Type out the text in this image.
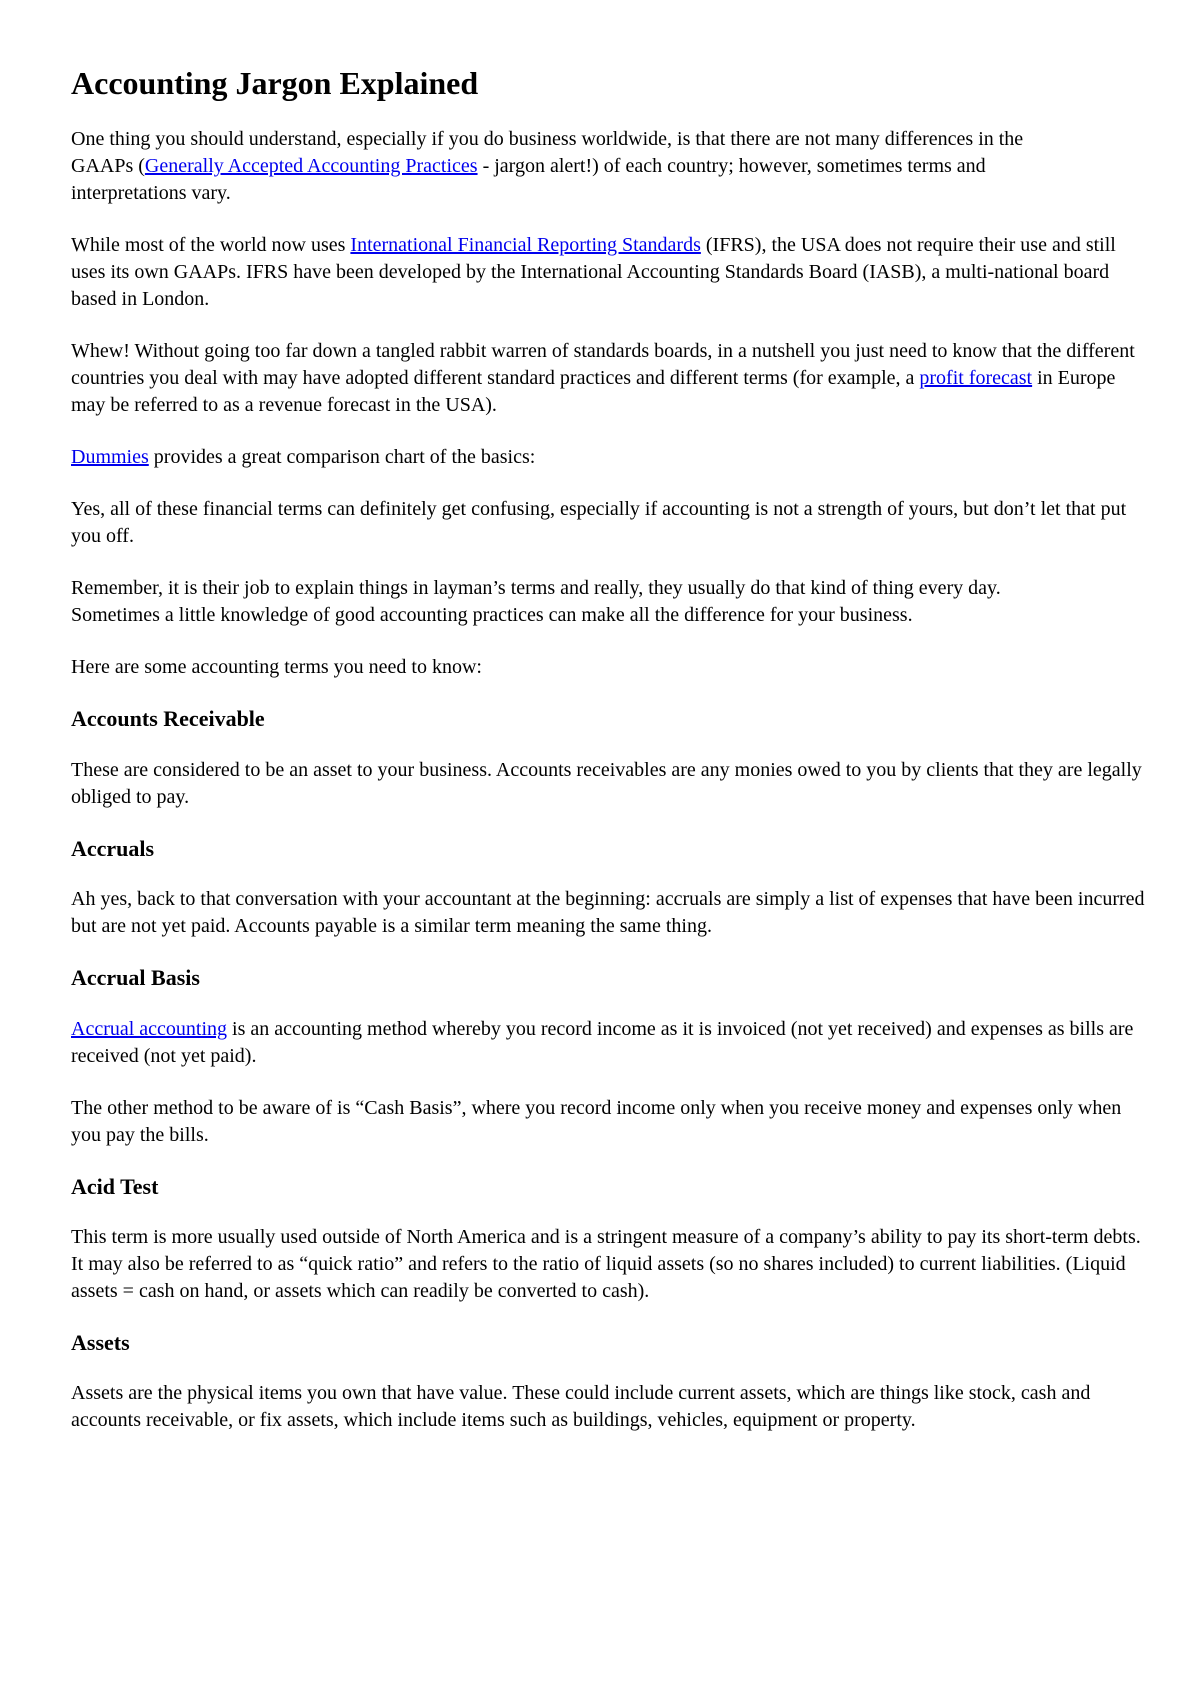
Accounting Jargon Explained

One thing you should understand, especially if you do business worldwide, is that there are not many differences in the GAAPs (Generally Accepted Accounting Practices - jargon alert!) of each country; however, sometimes terms and interpretations vary.

While most of the world now uses International Financial Reporting Standards (IFRS), the USA does not require their use and still uses its own GAAPs. IFRS have been developed by the International Accounting Standards Board (IASB), a multi-national board based in London.

Whew! Without going too far down a tangled rabbit warren of standards boards, in a nutshell you just need to know that the different countries you deal with may have adopted different standard practices and different terms (for example, a profit forecast in Europe may be referred to as a revenue forecast in the USA).

Dummies provides a great comparison chart of the basics:

Yes, all of these financial terms can definitely get confusing, especially if accounting is not a strength of yours, but don’t let that put you off.

Remember, it is their job to explain things in layman’s terms and really, they usually do that kind of thing every day. Sometimes a little knowledge of good accounting practices can make all the difference for your business.

Here are some accounting terms you need to know:

Accounts Receivable

These are considered to be an asset to your business. Accounts receivables are any monies owed to you by clients that they are legally obliged to pay.

Accruals

Ah yes, back to that conversation with your accountant at the beginning: accruals are simply a list of expenses that have been incurred but are not yet paid. Accounts payable is a similar term meaning the same thing.

Accrual Basis

Accrual accounting is an accounting method whereby you record income as it is invoiced (not yet received) and expenses as bills are received (not yet paid).

The other method to be aware of is “Cash Basis”, where you record income only when you receive money and expenses only when you pay the bills.

Acid Test

This term is more usually used outside of North America and is a stringent measure of a company’s ability to pay its short-term debts. It may also be referred to as “quick ratio” and refers to the ratio of liquid assets (so no shares included) to current liabilities. (Liquid assets = cash on hand, or assets which can readily be converted to cash).

Assets

Assets are the physical items you own that have value. These could include current assets, which are things like stock, cash and accounts receivable, or fix assets, which include items such as buildings, vehicles, equipment or property.
